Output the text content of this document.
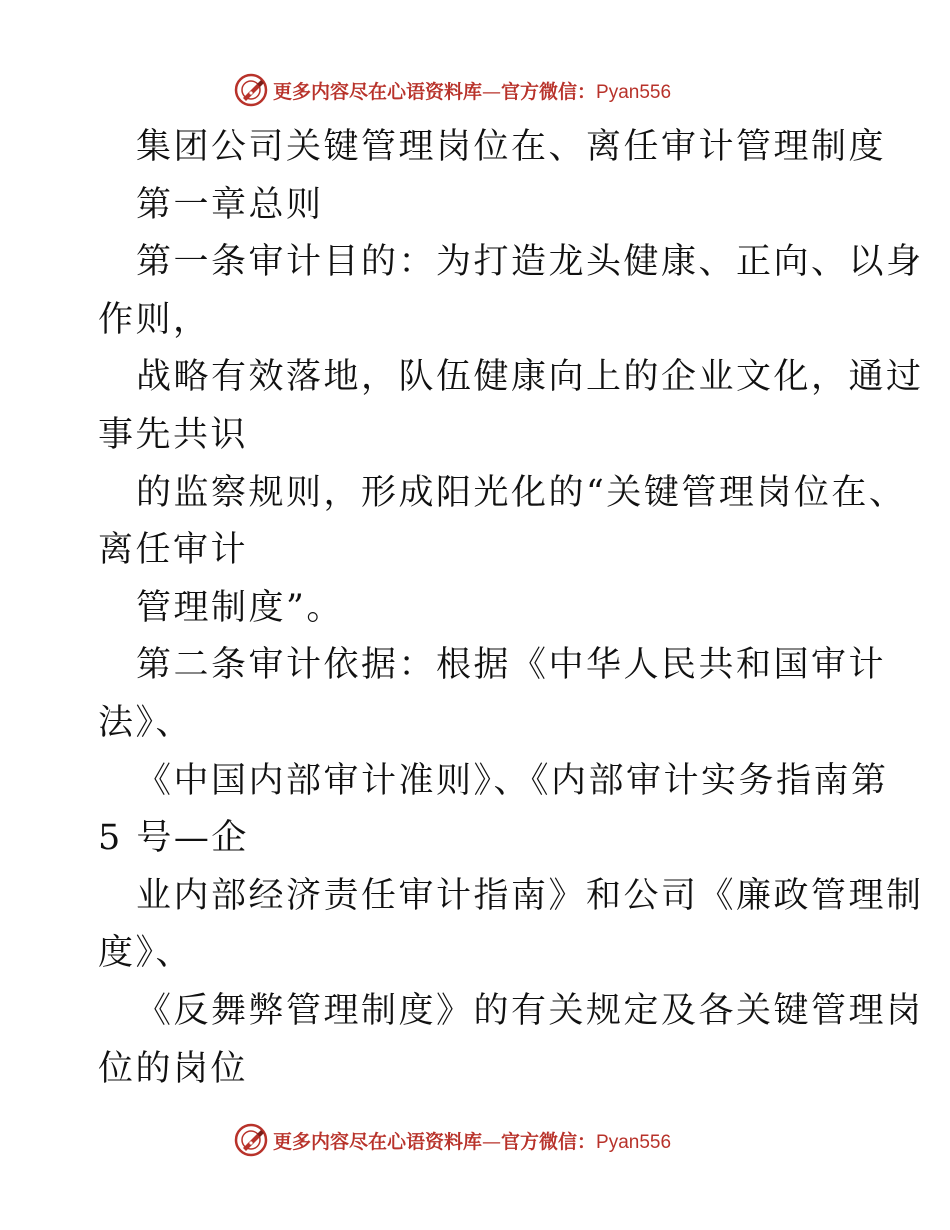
更多内容尽在心语资料库—官方微信：Pyan556

集团公司关键管理岗位在、离任审计管理制度

第一章总则

第一条审计目的：为打造龙头健康、正向、以身

作则，

战略有效落地，队伍健康向上的企业文化，通过

事先共识

的监察规则，形成阳光化的“关键管理岗位在、

离任审计

管理制度”。

第二条审计依据：根据《中华人民共和国审计

法》、

《中国内部审计准则》、《内部审计实务指南第

5 号—企

业内部经济责任审计指南》和公司《廉政管理制

度》、

《反舞弊管理制度》的有关规定及各关键管理岗

位的岗位

更多内容尽在心语资料库—官方微信：Pyan556
